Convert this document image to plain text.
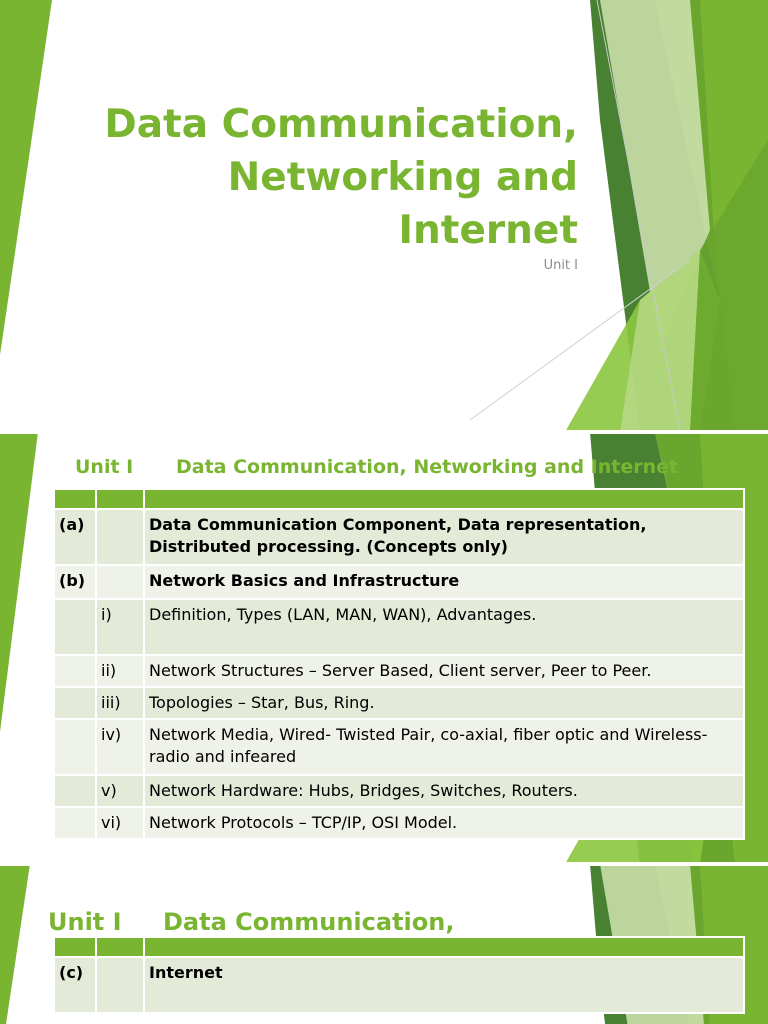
Data Communication,
Networking and
Internet
Unit I
Unit I Data Communication, Networking and Internet

(a)		Data Communication Component, Data representation, Distributed processing. (Concepts only)
(b)		Network Basics and Infrastructure
	i)	Definition, Types (LAN, MAN, WAN), Advantages.
	ii)	Network Structures – Server Based, Client server, Peer to Peer.
	iii)	Topologies – Star, Bus, Ring.
	iv)	Network Media, Wired- Twisted Pair, co-axial, fiber optic and Wireless-radio and infeared
	v)	Network Hardware: Hubs, Bridges, Switches, Routers.
	vi)	Network Protocols – TCP/IP, OSI Model.
Unit I Data Communication,

(c)		Internet
